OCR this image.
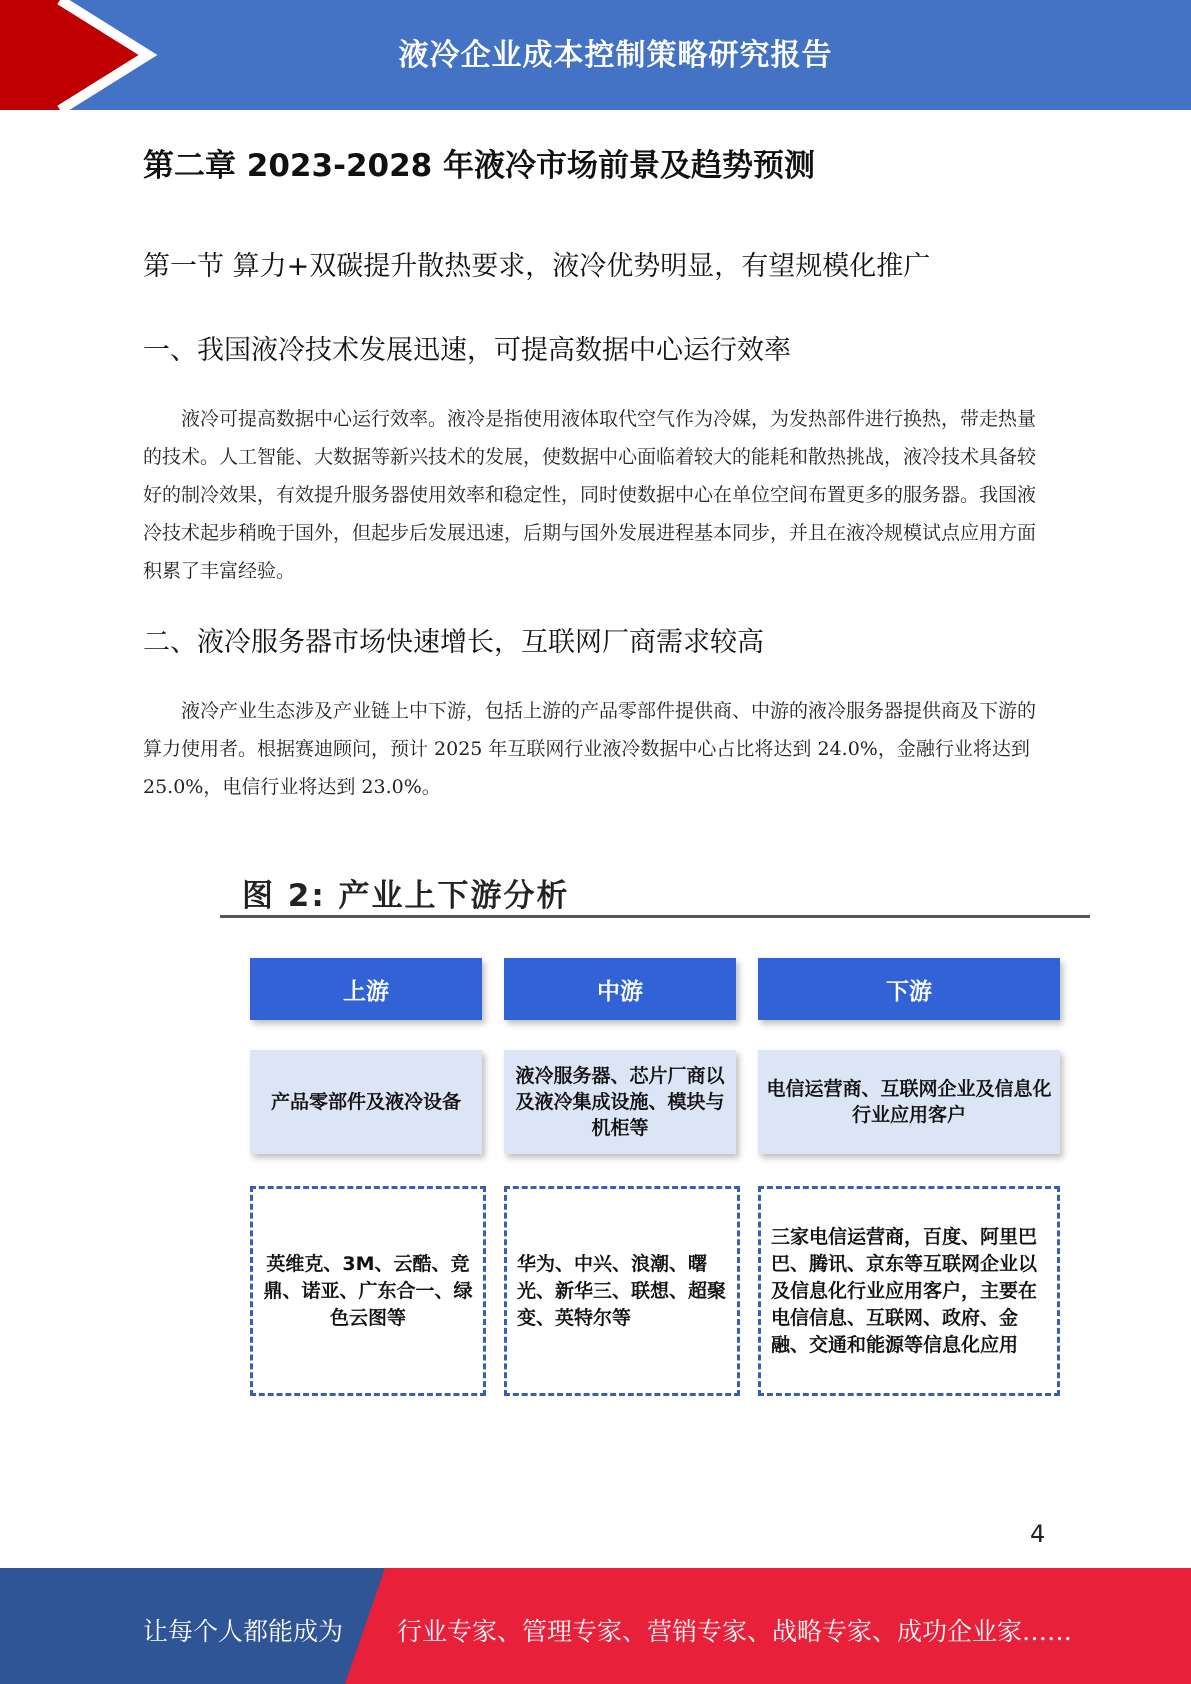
液冷企业成本控制策略研究报告
第二章 2023-2028 年液冷市场前景及趋势预测
第一节 算力+双碳提升散热要求，液冷优势明显，有望规模化推广
一、我国液冷技术发展迅速，可提高数据中心运行效率

液冷可提高数据中心运行效率。液冷是指使用液体取代空气作为冷媒，为发热部件进行换热，带走热量的技术。人工智能、大数据等新兴技术的发展，使数据中心面临着较大的能耗和散热挑战，液冷技术具备较好的制冷效果，有效提升服务器使用效率和稳定性，同时使数据中心在单位空间布置更多的服务器。我国液冷技术起步稍晚于国外，但起步后发展迅速，后期与国外发展进程基本同步，并且在液冷规模试点应用方面积累了丰富经验。

二、液冷服务器市场快速增长，互联网厂商需求较高

液冷产业生态涉及产业链上中下游，包括上游的产品零部件提供商、中游的液冷服务器提供商及下游的算力使用者。根据赛迪顾问，预计 2025 年互联网行业液冷数据中心占比将达到 24.0%，金融行业将达到 25.0%，电信行业将达到 23.0%。

图 2: 产业上下游分析
上游	中游	下游
产品零部件及液冷设备
液冷服务器、芯片厂商以及液冷集成设施、模块与机柜等
电信运营商、互联网企业及信息化行业应用客户
英维克、3M、云酷、竞鼎、诺亚、广东合一、绿色云图等
华为、中兴、浪潮、曙光、新华三、联想、超聚变、英特尔等
三家电信运营商，百度、阿里巴巴、腾讯、京东等互联网企业以及信息化行业应用客户，主要在电信信息、互联网、政府、金融、交通和能源等信息化应用
4
让每个人都能成为 行业专家、管理专家、营销专家、战略专家、成功企业家……
